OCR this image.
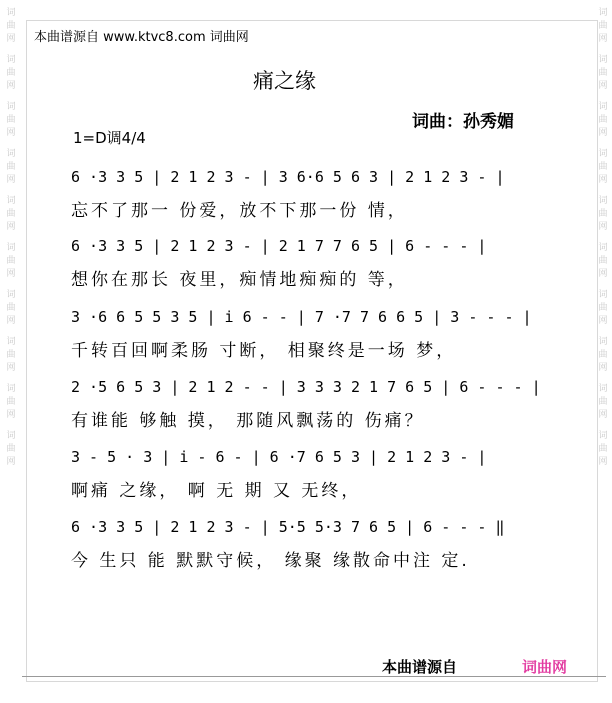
词
曲
网
词
曲
网
词
曲
网
词
曲
网
词
曲
网
词
曲
网
词
曲
网
词
曲
网
词
曲
网
词
曲
网
词
曲
网
词
曲
网
词
曲
网
词
曲
网
词
曲
网
词
曲
网
词
曲
网
词
曲
网
词
曲
网
词
曲
网
本曲谱源自 www.ktvc8.com 词曲网
痛之缘
词曲：孙秀媚
1=D调4/4
6 ·3 3 5 | 2 1 2 3 - | 3 6·6 5 6 3 | 2 1 2 3 - |
忘不了那一 份爱，放不下那一份 情，
6 ·3 3 5 | 2 1 2 3 - | 2 1 7 7 6 5 | 6 - - - |
想你在那长 夜里，痴情地痴痴的 等，
3 ·6 6 5 5 3 5 | i 6 - - | 7 ·7 7 6 6 5 | 3 - - - |
千转百回啊柔肠 寸断， 相聚终是一场 梦，
2 ·5 6 5 3 | 2 1 2 - - | 3 3 3 2 1 7 6 5 | 6 - - - |
有谁能 够触 摸， 那随风飘荡的 伤痛？
3 - 5 · 3 | i - 6 - | 6 ·7 6 5 3 | 2 1 2 3 - |
啊痛 之缘， 啊 无 期 又 无终，
6 ·3 3 5 | 2 1 2 3 - | 5·5 5·3 7 6 5 | 6 - - - ‖
今 生只 能 默默守候， 缘聚 缘散命中注 定.
本曲谱源自	词曲网
